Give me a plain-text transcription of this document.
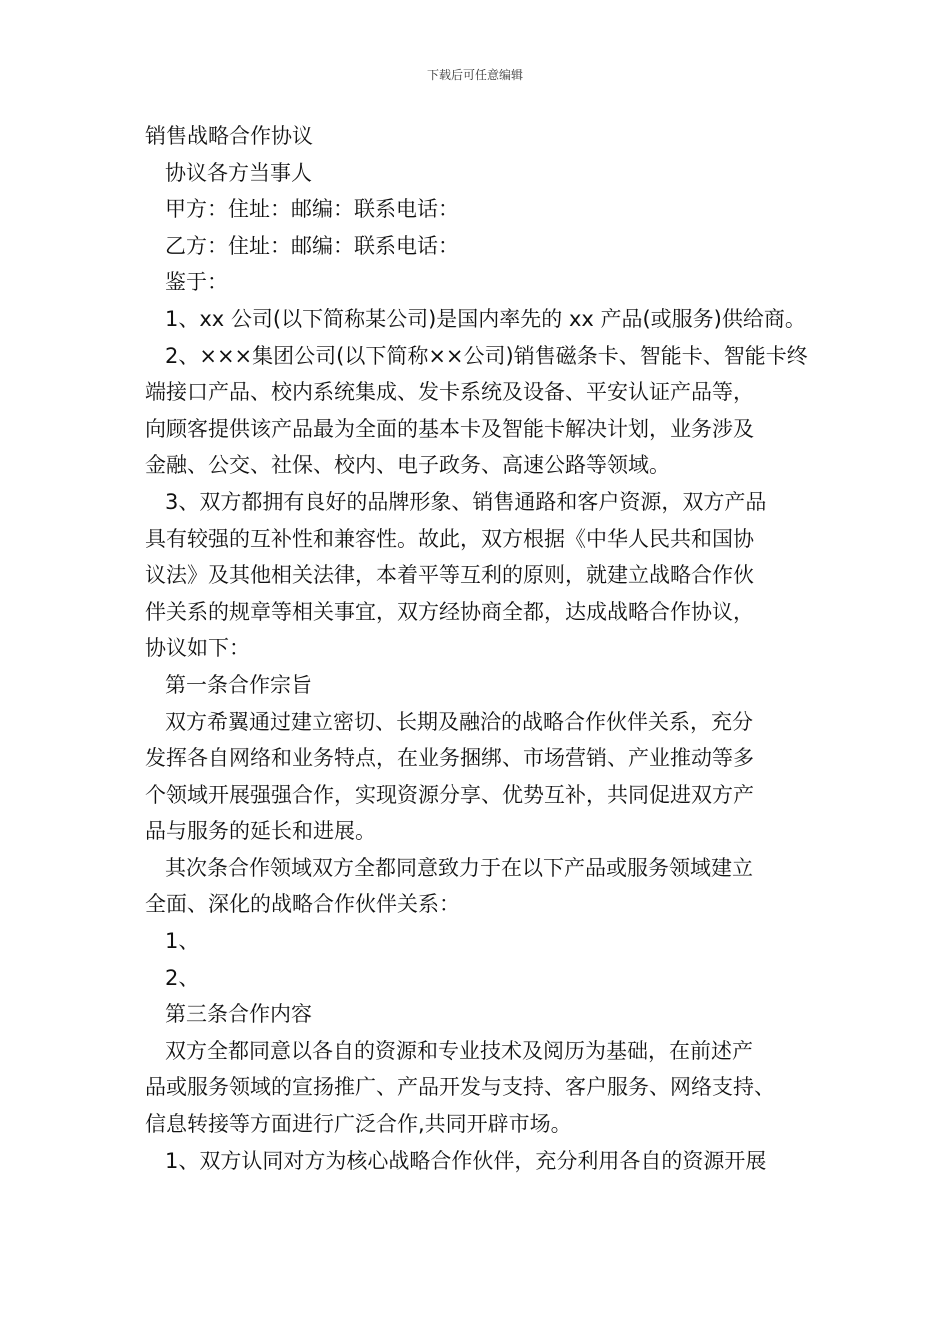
下载后可任意编辑
销售战略合作协议
协议各方当事人
甲方：住址：邮编：联系电话：
乙方：住址：邮编：联系电话：
鉴于：
1、xx 公司(以下简称某公司)是国内率先的 xx 产品(或服务)供给商。
2、×××集团公司(以下简称××公司)销售磁条卡、智能卡、智能卡终
端接口产品、校内系统集成、发卡系统及设备、平安认证产品等，
向顾客提供该产品最为全面的基本卡及智能卡解决计划，业务涉及
金融、公交、社保、校内、电子政务、高速公路等领域。
3、双方都拥有良好的品牌形象、销售通路和客户资源，双方产品
具有较强的互补性和兼容性。故此，双方根据《中华人民共和国协
议法》及其他相关法律，本着平等互利的原则，就建立战略合作伙
伴关系的规章等相关事宜，双方经协商全都，达成战略合作协议，
协议如下：
第一条合作宗旨
双方希翼通过建立密切、长期及融洽的战略合作伙伴关系，充分
发挥各自网络和业务特点，在业务捆绑、市场营销、产业推动等多
个领域开展强强合作，实现资源分享、优势互补，共同促进双方产
品与服务的延长和进展。
其次条合作领域双方全都同意致力于在以下产品或服务领域建立
全面、深化的战略合作伙伴关系：
1、
2、
第三条合作内容
双方全都同意以各自的资源和专业技术及阅历为基础，在前述产
品或服务领域的宣扬推广、产品开发与支持、客户服务、网络支持、
信息转接等方面进行广泛合作,共同开辟市场。
1、双方认同对方为核心战略合作伙伴，充分利用各自的资源开展
